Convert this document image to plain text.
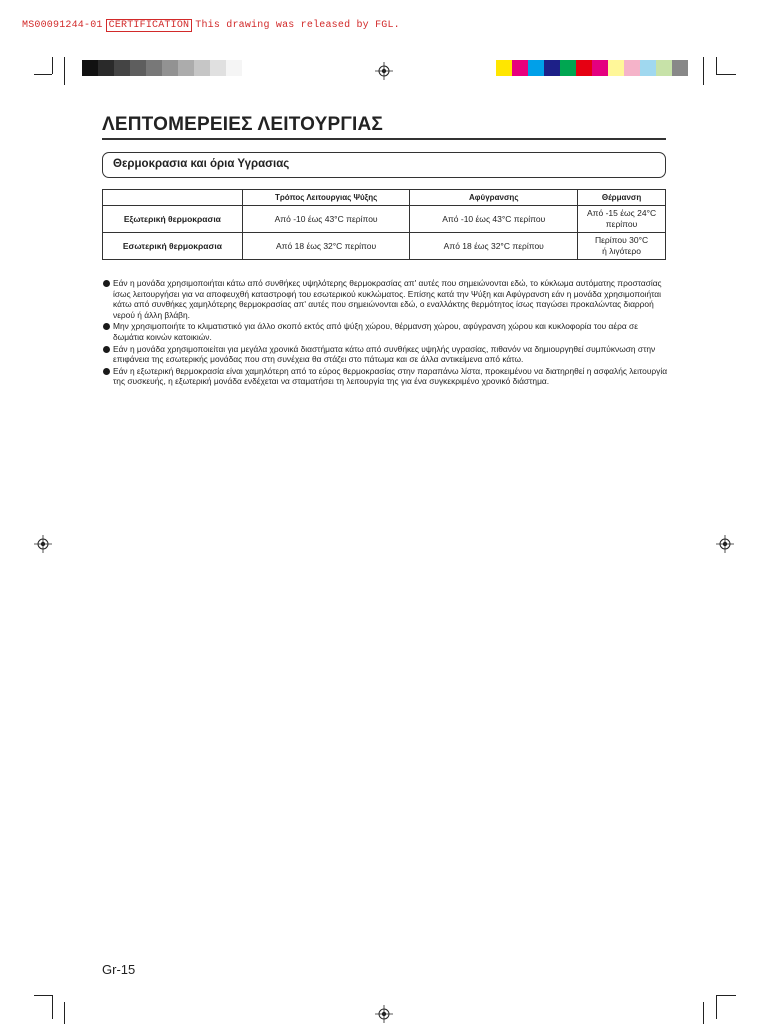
MS00091244-01 CERTIFICATION This drawing was released by FGL.
ΛΕΠΤΟΜΕΡΕΙΕΣ ΛΕΙΤΟΥΡΓΙΑΣ
Θερμοκρασια και όρια Υγρασιας
	Τρόπος Λειτουργιας Ψύξης	Αφύγρανσης	Θέρμανση
Εξωτερική θερμοκρασια	Από -10 έως 43°C περίπου	Από -10 έως 43°C περίπου	Από -15 έως 24°C
περίπου

Εσωτερική θερμοκρασια	Από 18 έως 32°C περίπου	Από 18 έως 32°C περίπου	Περίπου 30°C
ή λιγότερο
Εάν η μονάδα χρησιμοποιήται κάτω από συνθήκες υψηλότερης θερμοκρασίας απ' αυτές που σημειώνονται εδώ, το κύκλωμα αυτόματης προστασίας ίσως λειτουργήσει για να αποφευχθή καταστροφή του εσωτερικού κυκλώματος. Επίσης κατά την Ψύξη και Αφύγρανση εάν η μονάδα χρησιμοποιήται κάτω από συνθήκες χαμηλότερης θερμοκρασίας απ' αυτές που σημειώνονται εδώ, ο εναλλάκτης θερμότητος ίσως παγώσει προκαλώντας διαρροή νερού ή άλλη βλάβη.
Μην χρησιμοποιήτε το κλιματιστικό για άλλο σκοπό εκτός από ψύξη χώρου, θέρμανση χώρου, αφύγρανση χώρου και κυκλοφορία του αέρα σε δωμάτια κοινών κατοικιών.
Εάν η μονάδα χρησιμοποιείται για μεγάλα χρονικά διαστήματα κάτω από συνθήκες υψηλής υγρασίας, πιθανόν να δημιουργηθεί συμπύκνωση στην επιφάνεια της εσωτερικής μονάδας που στη συνέχεια θα στάζει στο πάτωμα και σε άλλα αντικείμενα από κάτω.
Εάν η εξωτερική θερμοκρασία είναι χαμηλότερη από το εύρος θερμοκρασίας στην παραπάνω λίστα, προκειμένου να διατηρηθεί η ασφαλής λειτουργία της συσκευής, η εξωτερική μονάδα ενδέχεται να σταματήσει τη λειτουργία της για ένα συγκεκριμένο χρονικό διάστημα.
Gr-15
